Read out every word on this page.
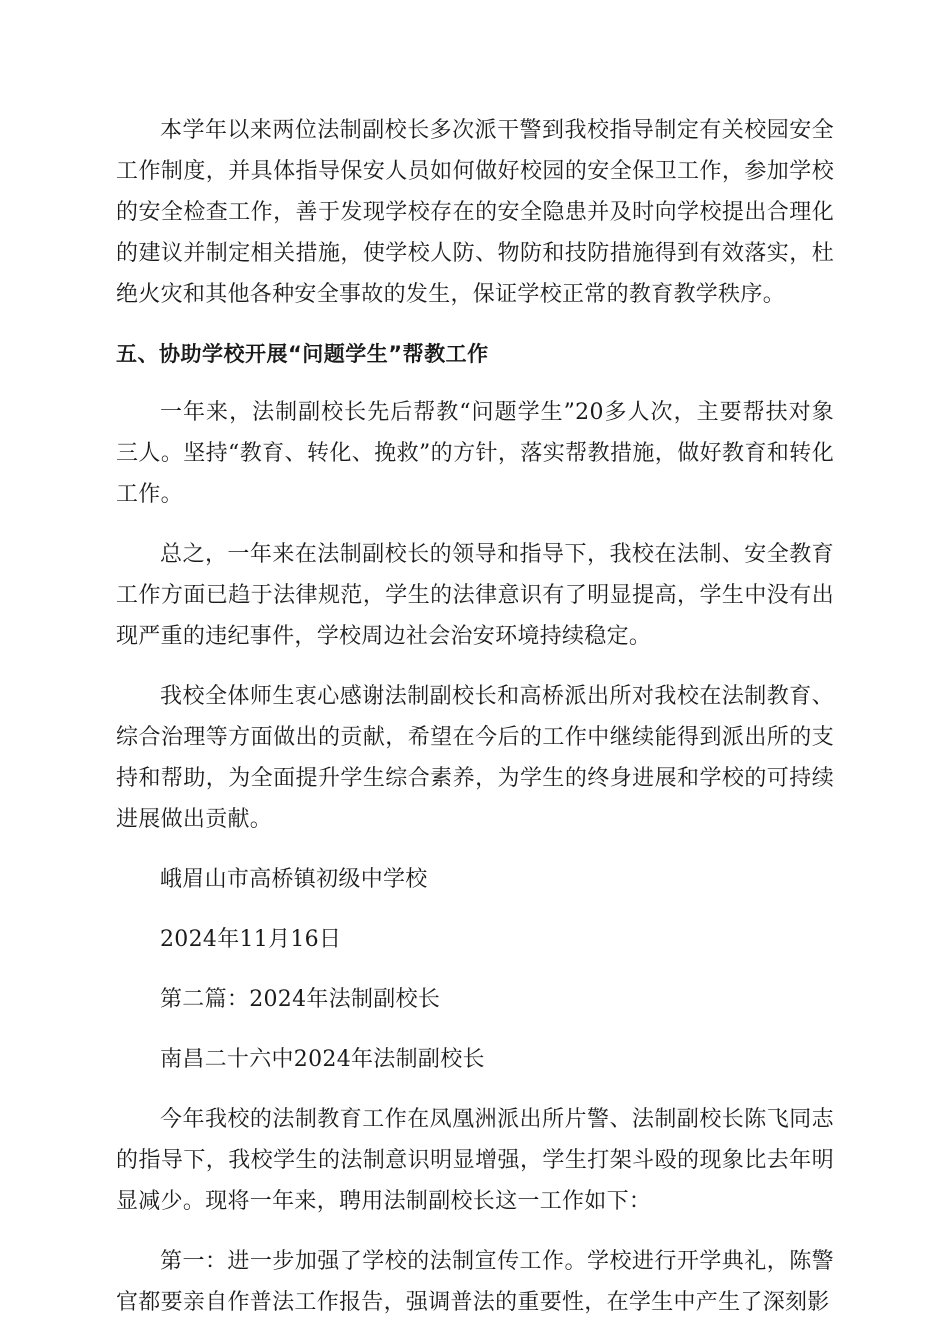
本学年以来两位法制副校长多次派干警到我校指导制定有关校园安全工作制度，并具体指导保安人员如何做好校园的安全保卫工作，参加学校的安全检查工作，善于发现学校存在的安全隐患并及时向学校提出合理化的建议并制定相关措施，使学校人防、物防和技防措施得到有效落实，杜绝火灾和其他各种安全事故的发生，保证学校正常的教育教学秩序。

五、协助学校开展“问题学生”帮教工作

一年来，法制副校长先后帮教“问题学生”20多人次，主要帮扶对象三人。坚持“教育、转化、挽救”的方针，落实帮教措施，做好教育和转化工作。

总之，一年来在法制副校长的领导和指导下，我校在法制、安全教育工作方面已趋于法律规范，学生的法律意识有了明显提高，学生中没有出现严重的违纪事件，学校周边社会治安环境持续稳定。

我校全体师生衷心感谢法制副校长和高桥派出所对我校在法制教育、综合治理等方面做出的贡献，希望在今后的工作中继续能得到派出所的支持和帮助，为全面提升学生综合素养，为学生的终身进展和学校的可持续进展做出贡献。

峨眉山市高桥镇初级中学校

2024年11月16日

第二篇：2024年法制副校长

南昌二十六中2024年法制副校长

今年我校的法制教育工作在凤凰洲派出所片警、法制副校长陈飞同志的指导下，我校学生的法制意识明显增强，学生打架斗殴的现象比去年明显减少。现将一年来，聘用法制副校长这一工作如下：

第一：进一步加强了学校的法制宣传工作。学校进行开学典礼，陈警官都要亲自作普法工作报告，强调普法的重要性，在学生中产生了深刻影
